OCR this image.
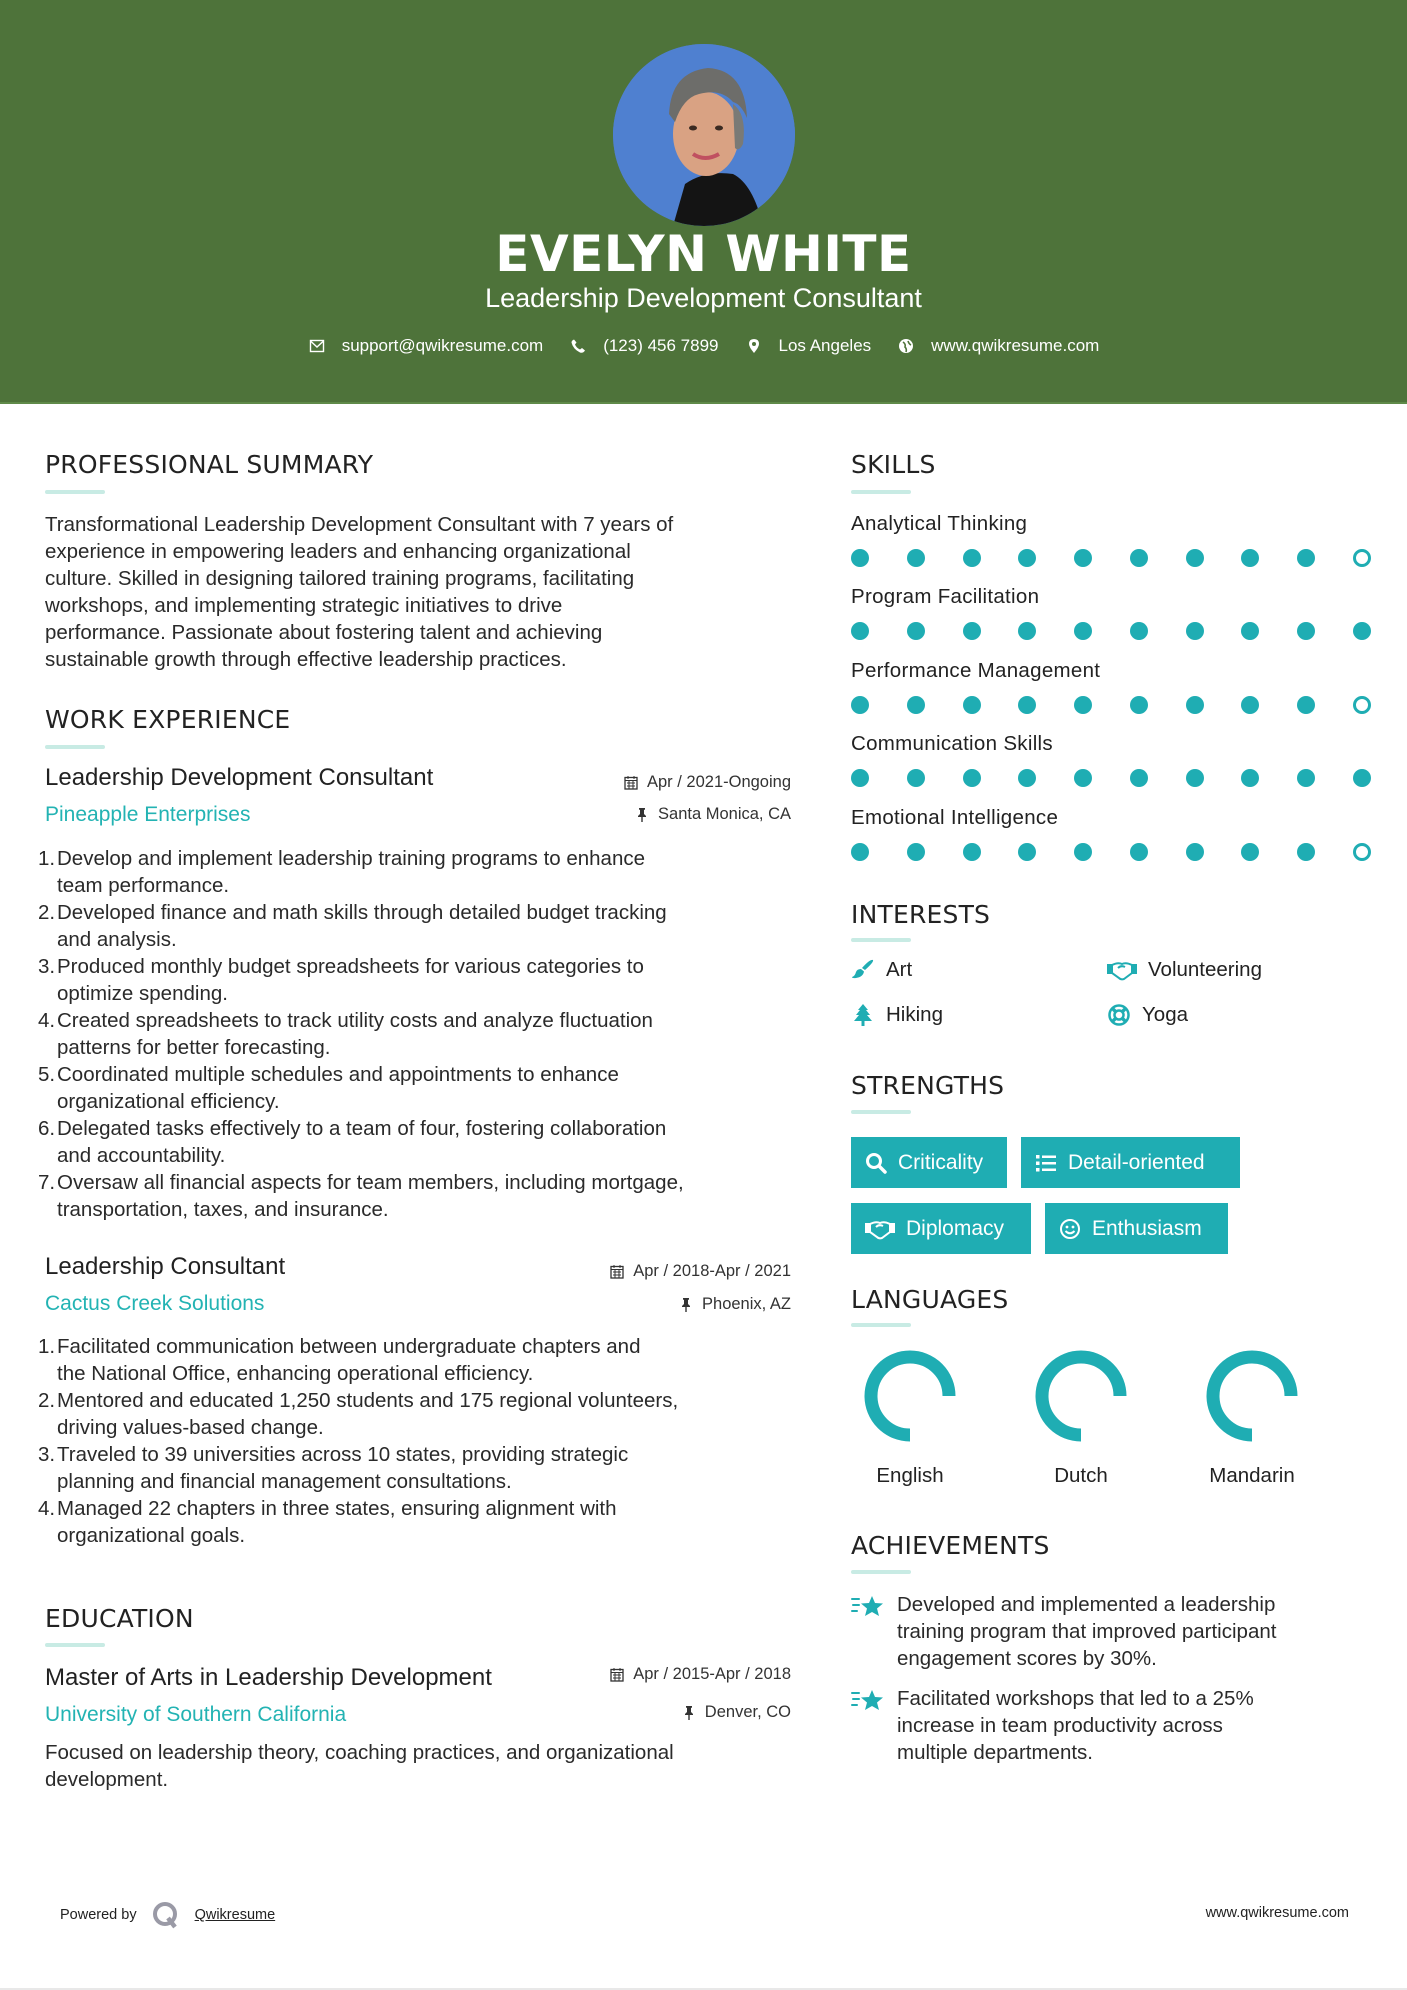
EVELYN WHITE
Leadership Development Consultant
support@qwikresume.com	(123) 456 7899	Los Angeles	www.qwikresume.com
PROFESSIONAL SUMMARY
Transformational Leadership Development Consultant with 7 years of
experience in empowering leaders and enhancing organizational
culture. Skilled in designing tailored training programs, facilitating
workshops, and implementing strategic initiatives to drive
performance. Passionate about fostering talent and achieving
sustainable growth through effective leadership practices.
WORK EXPERIENCE
Leadership Development Consultant	Apr / 2021-Ongoing
Pineapple Enterprises	Santa Monica, CA
1. Develop and implement leadership training programs to enhance
team performance.
2. Developed finance and math skills through detailed budget tracking
and analysis.
3. Produced monthly budget spreadsheets for various categories to
optimize spending.
4. Created spreadsheets to track utility costs and analyze fluctuation
patterns for better forecasting.
5. Coordinated multiple schedules and appointments to enhance
organizational efficiency.
6. Delegated tasks effectively to a team of four, fostering collaboration
and accountability.
7. Oversaw all financial aspects for team members, including mortgage,
transportation, taxes, and insurance.
Leadership Consultant	Apr / 2018-Apr / 2021
Cactus Creek Solutions	Phoenix, AZ
1. Facilitated communication between undergraduate chapters and
the National Office, enhancing operational efficiency.
2. Mentored and educated 1,250 students and 175 regional volunteers,
driving values-based change.
3. Traveled to 39 universities across 10 states, providing strategic
planning and financial management consultations.
4. Managed 22 chapters in three states, ensuring alignment with
organizational goals.
EDUCATION
Master of Arts in Leadership Development	Apr / 2015-Apr / 2018
University of Southern California	Denver, CO
Focused on leadership theory, coaching practices, and organizational
development.
SKILLS
Analytical Thinking
Program Facilitation
Performance Management
Communication Skills
Emotional Intelligence
INTERESTS
Art	Volunteering
Hiking	Yoga
STRENGTHS
Criticality	Detail-oriented
Diplomacy	Enthusiasm
LANGUAGES
English	Dutch	Mandarin
ACHIEVEMENTS
Developed and implemented a leadership
training program that improved participant
engagement scores by 30%.
Facilitated workshops that led to a 25%
increase in team productivity across
multiple departments.
Powered by	Qwikresume	www.qwikresume.com
